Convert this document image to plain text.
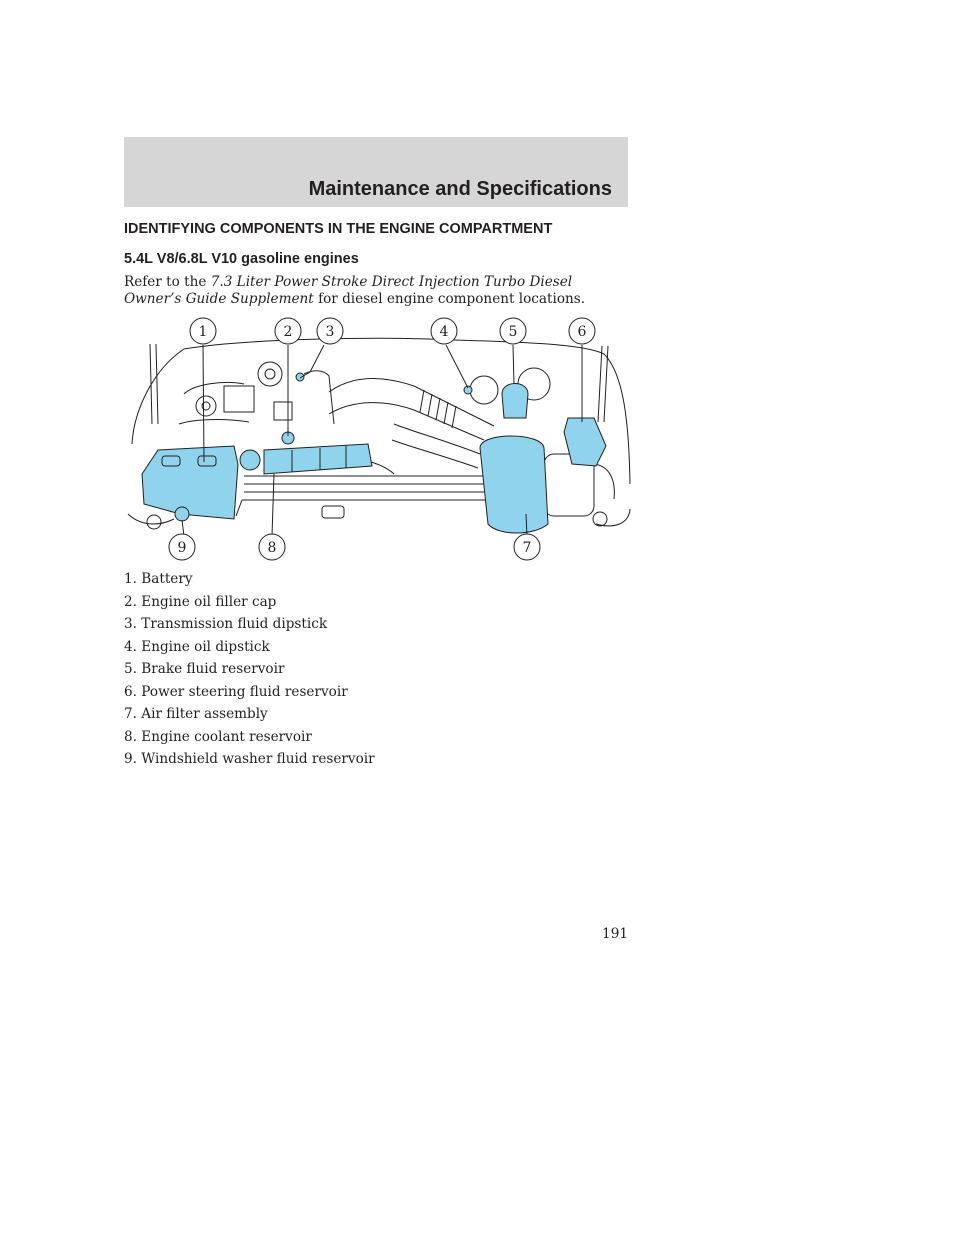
Maintenance and Specifications
IDENTIFYING COMPONENTS IN THE ENGINE COMPARTMENT
5.4L V8/6.8L V10 gasoline engines
Refer to the 7.3 Liter Power Stroke Direct Injection Turbo Diesel Owner’s Guide Supplement for diesel engine component locations.
1	2 3	4	5	6
7
8
9
1. Battery
2. Engine oil filler cap
3. Transmission fluid dipstick
4. Engine oil dipstick
5. Brake fluid reservoir
6. Power steering fluid reservoir
7. Air filter assembly
8. Engine coolant reservoir
9. Windshield washer fluid reservoir
191
